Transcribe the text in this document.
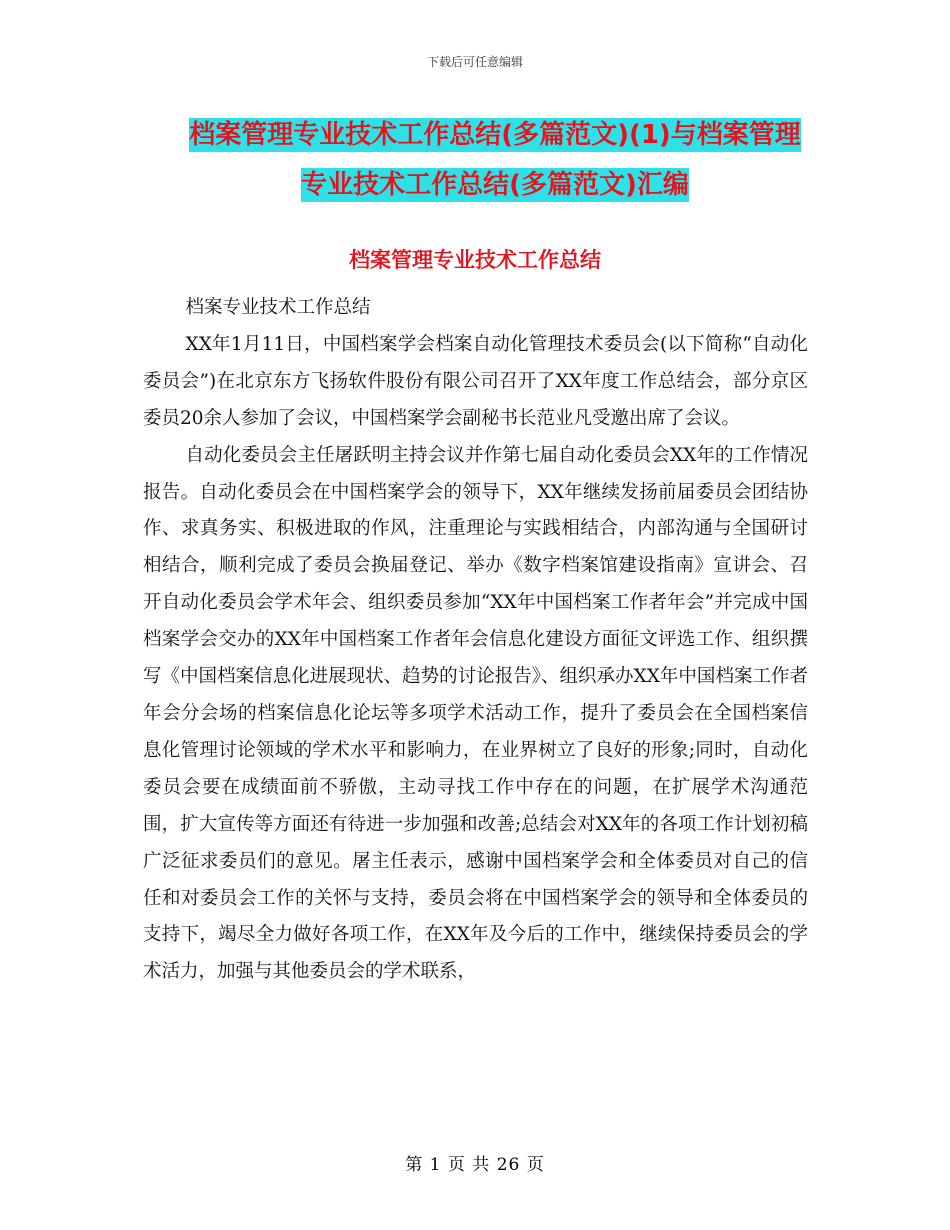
下载后可任意编辑
档案管理专业技术工作总结(多篇范文)(1)与档案管理
专业技术工作总结(多篇范文)汇编
档案管理专业技术工作总结

档案专业技术工作总结

XX年1月11日，中国档案学会档案自动化管理技术委员会(以下简称“自动化委员会”)在北京东方飞扬软件股份有限公司召开了XX年度工作总结会，部分京区委员20余人参加了会议，中国档案学会副秘书长范业凡受邀出席了会议。

自动化委员会主任屠跃明主持会议并作第七届自动化委员会XX年的工作情况报告。自动化委员会在中国档案学会的领导下，XX年继续发扬前届委员会团结协作、求真务实、积极进取的作风，注重理论与实践相结合，内部沟通与全国研讨相结合，顺利完成了委员会换届登记、举办《数字档案馆建设指南》宣讲会、召开自动化委员会学术年会、组织委员参加“XX年中国档案工作者年会”并完成中国档案学会交办的XX年中国档案工作者年会信息化建设方面征文评选工作、组织撰写《中国档案信息化进展现状、趋势的讨论报告》、组织承办XX年中国档案工作者年会分会场的档案信息化论坛等多项学术活动工作，提升了委员会在全国档案信息化管理讨论领域的学术水平和影响力，在业界树立了良好的形象;同时，自动化委员会要在成绩面前不骄傲，主动寻找工作中存在的问题，在扩展学术沟通范围，扩大宣传等方面还有待进一步加强和改善;总结会对XX年的各项工作计划初稿广泛征求委员们的意见。屠主任表示，感谢中国档案学会和全体委员对自己的信任和对委员会工作的关怀与支持，委员会将在中国档案学会的领导和全体委员的支持下，竭尽全力做好各项工作，在XX年及今后的工作中，继续保持委员会的学术活力，加强与其他委员会的学术联系，

第 1 页 共 26 页
